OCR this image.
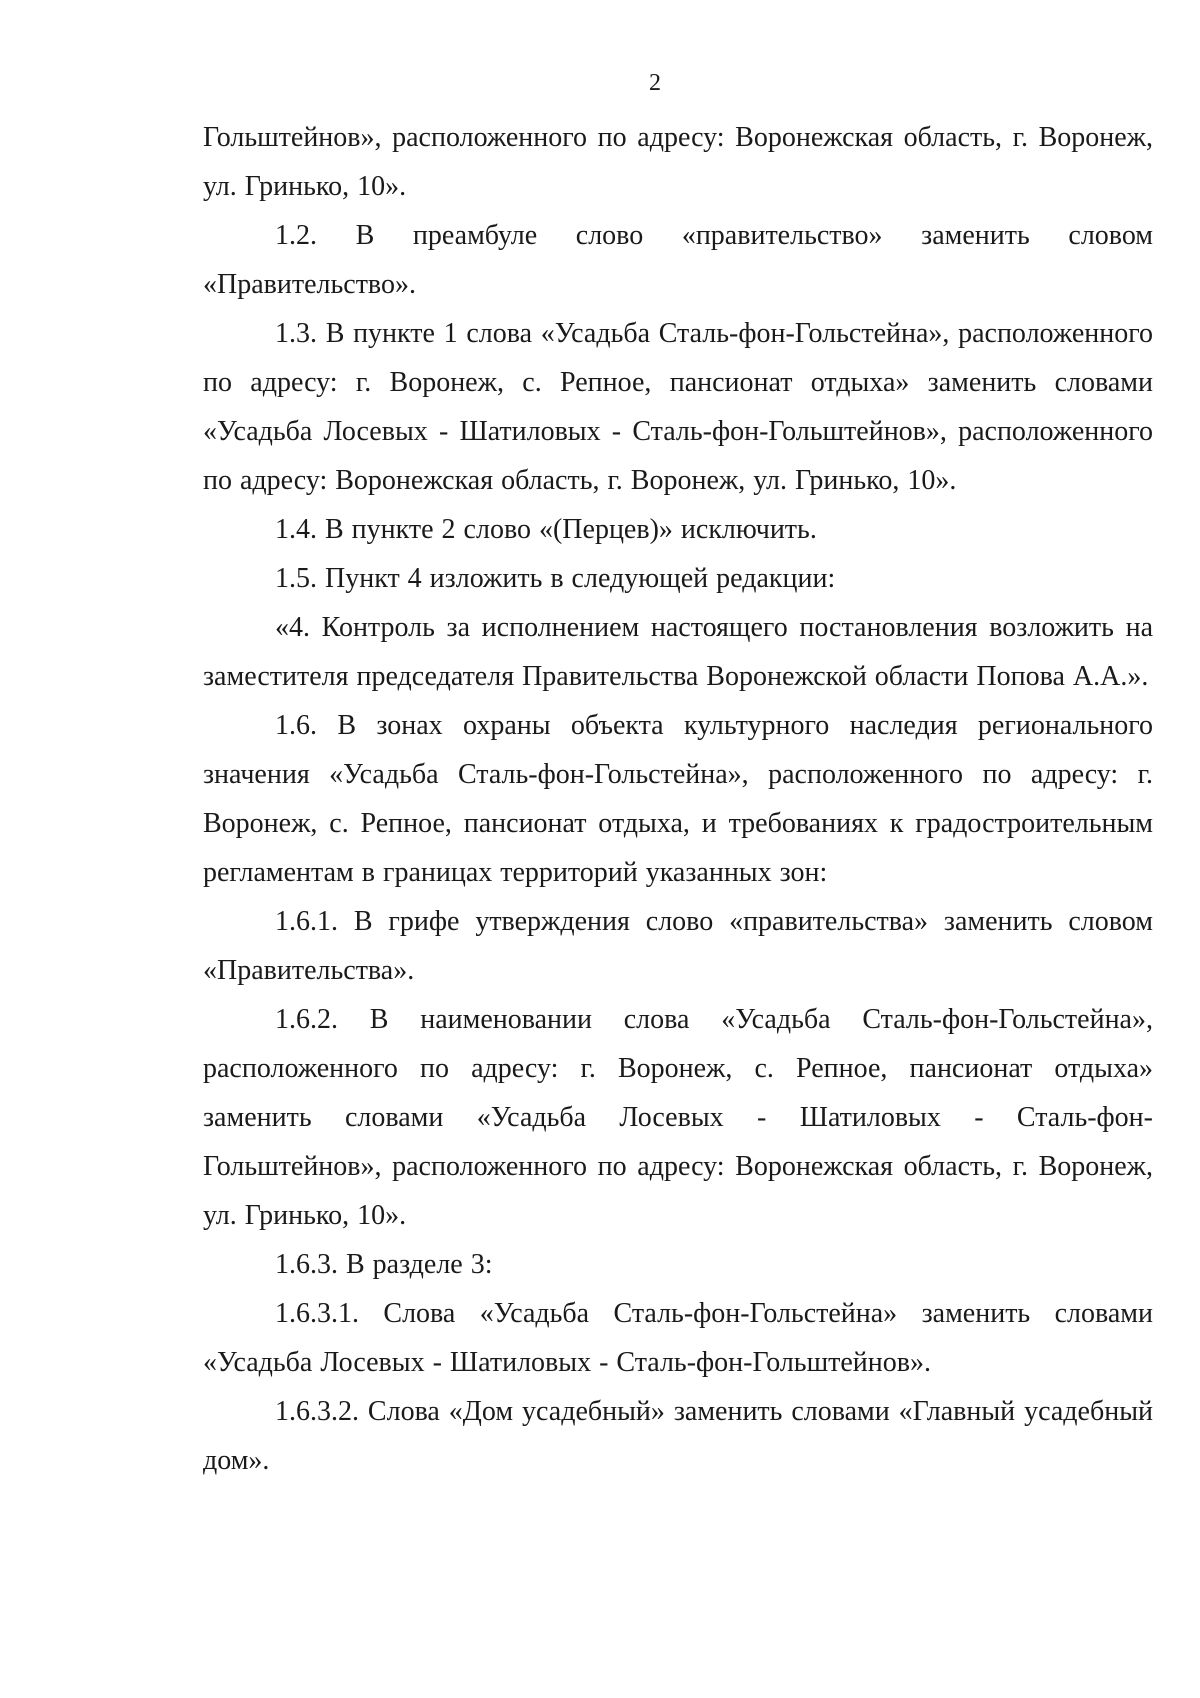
2

Гольштейнов», расположенного по адресу: Воронежская область, г. Воронеж, ул. Гринько, 10».

1.2. В преамбуле слово «правительство» заменить словом «Правительство».

1.3. В пункте 1 слова «Усадьба Сталь-фон-Гольстейна», расположенного по адресу: г. Воронеж, с. Репное, пансионат отдыха» заменить словами «Усадьба Лосевых - Шатиловых - Сталь-фон-Гольштейнов», расположенного по адресу: Воронежская область, г. Воронеж, ул. Гринько, 10».

1.4. В пункте 2 слово «(Перцев)» исключить.

1.5. Пункт 4 изложить в следующей редакции:

«4. Контроль за исполнением настоящего постановления возложить на заместителя председателя Правительства Воронежской области Попова А.А.».

1.6. В зонах охраны объекта культурного наследия регионального значения «Усадьба Сталь-фон-Гольстейна», расположенного по адресу: г. Воронеж, с. Репное, пансионат отдыха, и требованиях к градостроительным регламентам в границах территорий указанных зон:

1.6.1. В грифе утверждения слово «правительства» заменить словом «Правительства».

1.6.2. В наименовании слова «Усадьба Сталь-фон-Гольстейна», расположенного по адресу: г. Воронеж, с. Репное, пансионат отдыха» заменить словами «Усадьба Лосевых - Шатиловых - Сталь-фон-Гольштейнов», расположенного по адресу: Воронежская область, г. Воронеж, ул. Гринько, 10».

1.6.3. В разделе 3:

1.6.3.1. Слова «Усадьба Сталь-фон-Гольстейна» заменить словами «Усадьба Лосевых - Шатиловых - Сталь-фон-Гольштейнов».

1.6.3.2. Слова «Дом усадебный» заменить словами «Главный усадебный дом».
